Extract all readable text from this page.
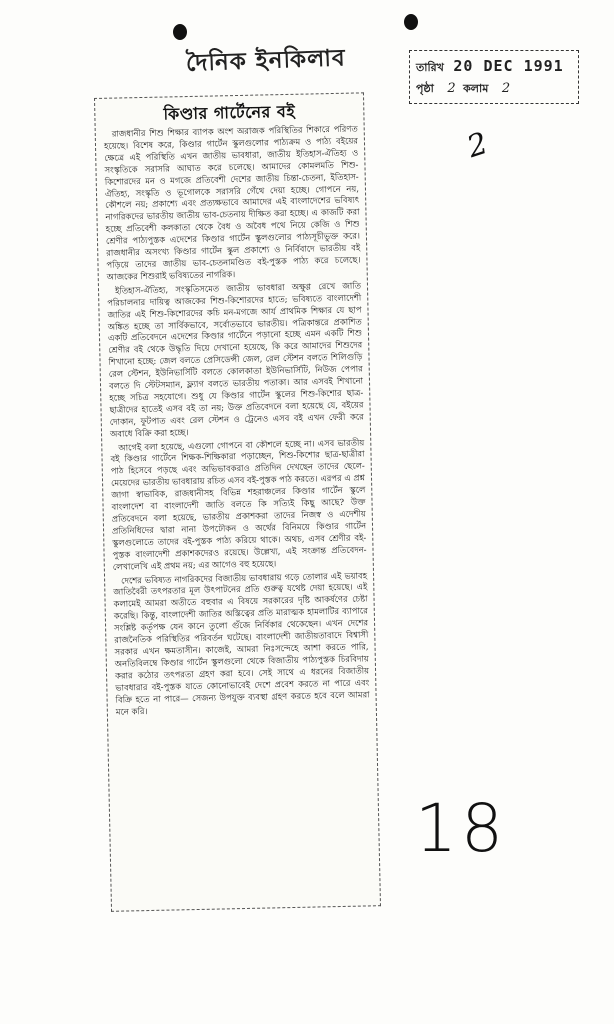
দৈনিক ইনকিলাব	তারিখ 20 DEC 1991
পৃষ্ঠা 2 কলাম 2
2
কিণ্ডার গার্টেনের বই

রাজধানীর শিশু শিক্ষার ব্যাপক অংশ অরাজক পরিস্থিতির শিকারে পরিণত হয়েছে। বিশেষ করে, কিণ্ডার গার্টেন স্কুলগুলোর পাঠ্যক্রম ও পাঠ্য বইয়ের ক্ষেত্রে এই পরিস্থিতি এখন জাতীয় ভাবধারা, জাতীয় ইতিহাস-ঐতিহ্য ও সংস্কৃতিকে সরাসরি আঘাত করে চলেছে। আমাদের কোমলমতি শিশু-কিশোরদের মন ও মগজে প্রতিবেশী দেশের জাতীয় চিন্তা-চেতনা, ইতিহাস-ঐতিহ্য, সংস্কৃতি ও ভূগোলকে সরাসরি গেঁথে দেয়া হচ্ছে। গোপনে নয়, কৌশলে নয়; প্রকাশ্যে এবং প্রত্যক্ষভাবে আমাদের এই বাংলাদেশের ভবিষ্যৎ নাগরিকদের ভারতীয় জাতীয় ভাব-চেতনায় দীক্ষিত করা হচ্ছে। এ কাজটি করা হচ্ছে প্রতিবেশী কলকাতা থেকে বৈধ ও অবৈধ পথে নিয়ে কেজি ও শিশু শ্রেণীর পাঠ্যপুস্তক এদেশের কিণ্ডার গার্টেন স্কুলগুলোর পাঠ্যসূচীভুক্ত করে। রাজধানীর অসংখ্য কিণ্ডার গার্টেন স্কুল প্রকাশ্যে ও নির্বিবাদে ভারতীয় বই পড়িয়ে তাদের জাতীয় ভাব-চেতনামণ্ডিত বই-পুস্তক পাঠ্য করে চলেছে। আজকের শিশুরাই ভবিষ্যতের নাগরিক।

ইতিহাস-ঐতিহ্য, সংস্কৃতিসমেত জাতীয় ভাবধারা অক্ষুণ্ণ রেখে জাতি পরিচালনার দায়িত্ব আজকের শিশু-কিশোরদের হাতে; ভবিষ্যতে বাংলাদেশী জাতির এই শিশু-কিশোরদের কচি মন-মগজে আর্য প্রাথমিক শিক্ষার যে ছাপ অঙ্কিত হচ্ছে তা সার্বিকভাবে, সর্বোতভাবে ভারতীয়। পত্রিকান্তরে প্রকাশিত একটি প্রতিবেদনে এদেশের কিণ্ডার গার্টেনে পড়ানো হচ্ছে এমন একটি শিশু শ্রেণীর বই থেকে উদ্ধৃতি দিয়ে দেখানো হয়েছে, কি করে আমাদের শিশুদের শিখানো হচ্ছে: জেল বলতে প্রেসিডেন্সী জেল, রেল স্টেশন বলতে শিলিগুড়ি রেল স্টেশন, ইউনিভার্সিটি বলতে কোলকাতা ইউনিভার্সিটি, নিউজ পেপার বলতে দি স্টেটসম্যান, ফ্ল্যাগ বলতে ভারতীয় পতাকা। আর এসবই শিখানো হচ্ছে সচিত্র সহযোগে। শুধু যে কিণ্ডার গার্টেন স্কুলের শিশু-কিশোর ছাত্র-ছাত্রীদের হাতেই এসব বই তা নয়; উক্ত প্রতিবেদনে বলা হয়েছে যে, বইয়ের দোকান, ফুটপাত এবং রেল স্টেশন ও ট্রেনেও এসব বই এখন ফেরী করে অবাধে বিক্রি করা হচ্ছে।

আগেই বলা হয়েছে, এগুলো গোপনে বা কৌশলে হচ্ছে না। এসব ভারতীয় বই কিণ্ডার গার্টেনে শিক্ষক-শিক্ষিকারা পড়াচ্ছেন, শিশু-কিশোর ছাত্র-ছাত্রীরা পাঠ হিসেবে পড়ছে এবং অভিভাবকরাও প্রতিদিন দেখছেন তাদের ছেলে-মেয়েদের ভারতীয় ভাবধারায় রচিত এসব বই-পুস্তক পাঠ করতে। এরপর এ প্রশ্ন জাগা স্বাভাবিক, রাজধানীসহ বিভিন্ন শহরাঞ্চলের কিণ্ডার গার্টেন স্কুলে বাংলাদেশ বা বাংলাদেশী জাতি বলতে কি সত্যিই কিছু আছে? উক্ত প্রতিবেদনে বলা হয়েছে, ভারতীয় প্রকাশকরা তাদের নিজস্ব ও এদেশীয় প্রতিনিধিদের দ্বারা নানা উপঢৌকন ও অর্থের বিনিময়ে কিণ্ডার গার্টেন স্কুলগুলোতে তাদের বই-পুস্তক পাঠ্য করিয়ে থাকে। অথচ, এসব শ্রেণীর বই-পুস্তক বাংলাদেশী প্রকাশকদেরও রয়েছে। উল্লেখ্য, এই সংক্রান্ত প্রতিবেদন-লেখালেখি এই প্রথম নয়; এর আগেও বহু হয়েছে।

দেশের ভবিষ্যত নাগরিকদের বিজাতীয় ভাবধারায় গড়ে তোলার এই ভয়াবহ জাতিবৈরী তৎপরতার মূল উৎপাটনের প্রতি গুরুত্ব যথেষ্ট দেয়া হয়েছে। এই কলামেই আমরা অতীতে বহুবার এ বিষয়ে সরকারের দৃষ্টি আকর্ষণের চেষ্টা করেছি। কিন্তু, বাংলাদেশী জাতির অস্তিত্বের প্রতি মারাত্মক হামলাটির ব্যাপারে সংশ্লিষ্ট কর্তৃপক্ষ যেন কানে তুলো গুঁজে নির্বিকার থেকেছেন। এখন দেশের রাজনৈতিক পরিস্থিতির পরিবর্তন ঘটেছে। বাংলাদেশী জাতীয়তাবাদে বিশ্বাসী সরকার এখন ক্ষমতাসীন। কাজেই, আমরা নিঃসন্দেহে আশা করতে পারি, অনতিবিলম্বে কিণ্ডার গার্টেন স্কুলগুলো থেকে বিজাতীয় পাঠ্যপুস্তক চিরবিদায় করার কঠোর তৎপরতা গ্রহণ করা হবে। সেই সাথে এ ধরনের বিজাতীয় ভাবধারার বই-পুস্তক যাতে কোনোভাবেই দেশে প্রবেশ করতে না পারে এবং বিক্রি হতে না পারে— সেজন্য উপযুক্ত ব্যবস্থা গ্রহণ করতে হবে বলে আমরা মনে করি।

18
